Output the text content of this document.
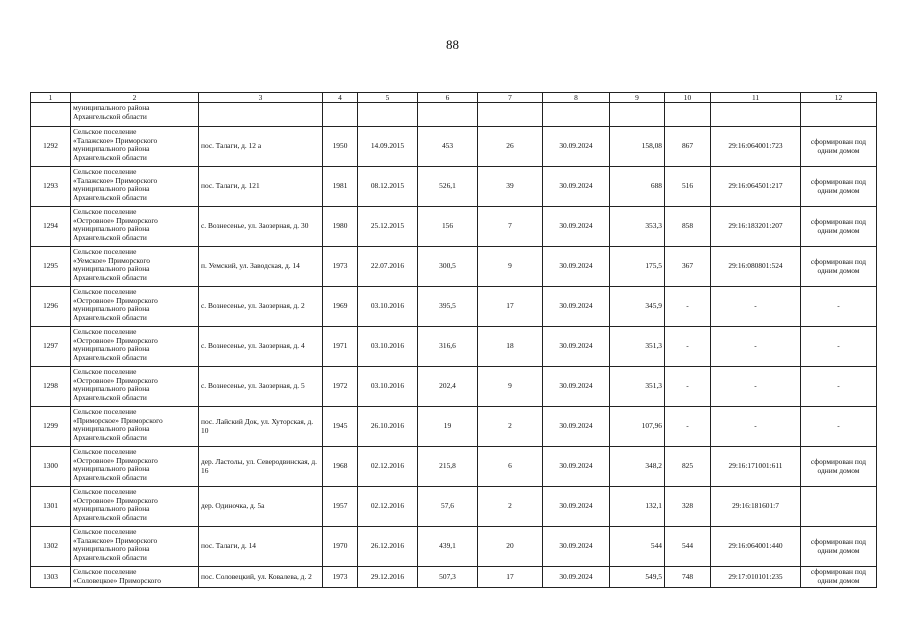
88
1	2	3	4	5	6	7	8	9	10	11	12
	муниципального района
Архангельской области										
1292	Сельское поселение
«Талажское» Приморского
муниципального района
Архангельской области	пос. Талаги, д. 12 а	1950	14.09.2015	453	26	30.09.2024	158,08	867	29:16:064001:723	сформирован под одним домом
1293	Сельское поселение
«Талажское» Приморского
муниципального района
Архангельской области	пос. Талаги, д. 121	1981	08.12.2015	526,1	39	30.09.2024	688	516	29:16:064501:217	сформирован под одним домом
1294	Сельское поселение
«Островное» Приморского
муниципального района
Архангельской области	с. Вознесенье, ул. Заозерная, д. 30	1980	25.12.2015	156	7	30.09.2024	353,3	858	29:16:183201:207	сформирован под одним домом
1295	Сельское поселение
«Уемское» Приморского
муниципального района
Архангельской области	п. Уемский, ул. Заводская, д. 14	1973	22.07.2016	300,5	9	30.09.2024	175,5	367	29:16:080801:524	сформирован под одним домом
1296	Сельское поселение
«Островное» Приморского
муниципального района
Архангельской области	с. Вознесенье, ул. Заозерная, д. 2	1969	03.10.2016	395,5	17	30.09.2024	345,9	-	-	-
1297	Сельское поселение
«Островное» Приморского
муниципального района
Архангельской области	с. Вознесенье, ул. Заозерная, д. 4	1971	03.10.2016	316,6	18	30.09.2024	351,3	-	-	-
1298	Сельское поселение
«Островное» Приморского
муниципального района
Архангельской области	с. Вознесенье, ул. Заозерная, д. 5	1972	03.10.2016	202,4	9	30.09.2024	351,3	-	-	-
1299	Сельское поселение
«Приморское» Приморского
муниципального района
Архангельской области	пос. Лайский Док, ул. Хуторская, д. 10	1945	26.10.2016	19	2	30.09.2024	107,96	-	-	-
1300	Сельское поселение
«Островное» Приморского
муниципального района
Архангельской области	дер. Ластолы, ул. Северодвинская, д. 16	1968	02.12.2016	215,8	6	30.09.2024	348,2	825	29:16:171001:611	сформирован под одним домом
1301	Сельское поселение
«Островное» Приморского
муниципального района
Архангельской области	дер. Одиночка, д. 5а	1957	02.12.2016	57,6	2	30.09.2024	132,1	328	29:16:181601:7	
1302	Сельское поселение
«Талажское» Приморского
муниципального района
Архангельской области	пос. Талаги, д. 14	1970	26.12.2016	439,1	20	30.09.2024	544	544	29:16:064001:440	сформирован под одним домом
1303	Сельское поселение
«Соловецкое» Приморского	пос. Соловецкий, ул. Ковалева, д. 2	1973	29.12.2016	507,3	17	30.09.2024	549,5	748	29:17:010101:235	сформирован под одним домом
